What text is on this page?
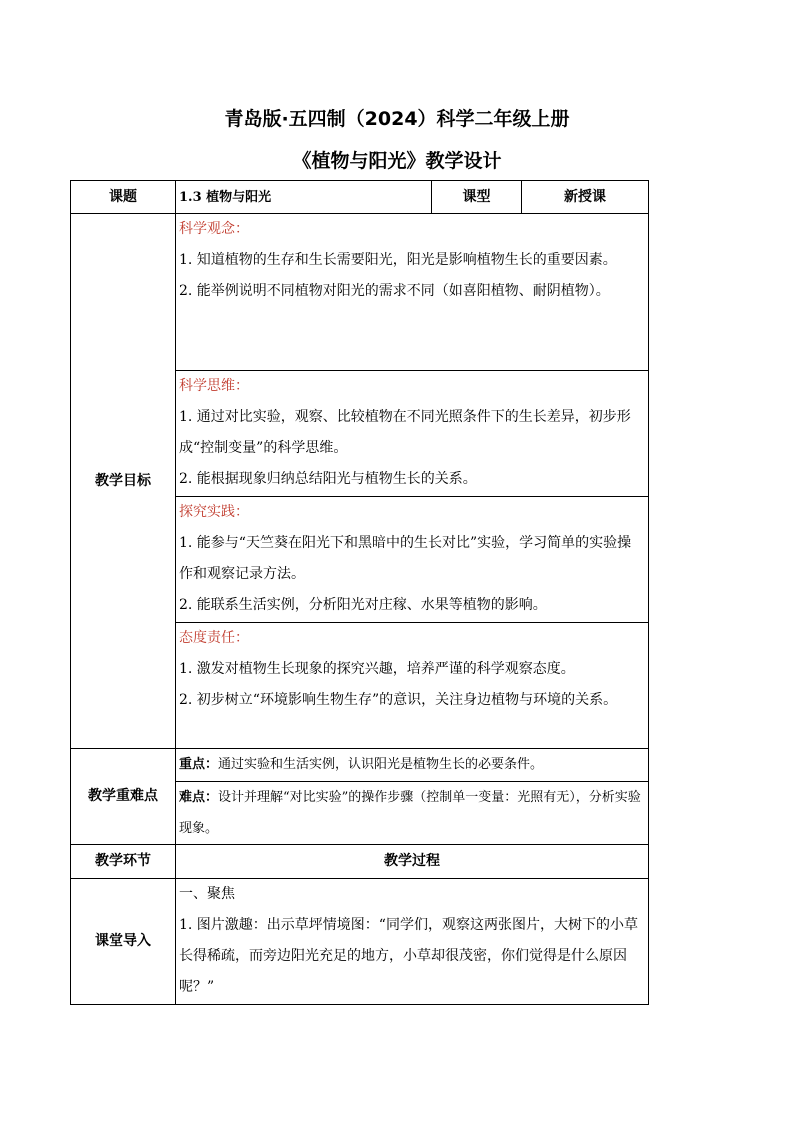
青岛版·五四制（2024）科学二年级上册
《植物与阳光》教学设计
课题	1.3 植物与阳光	课型	新授课
教学目标	科学观念：

1. 知道植物的生存和生长需要阳光，阳光是影响植物生长的重要因素。

2. 能举例说明不同植物对阳光的需求不同（如喜阳植物、耐阴植物）。		

	科学思维：

1. 通过对比实验，观察、比较植物在不同光照条件下的生长差异，初步形成“控制变量”的科学思维。

2. 能根据现象归纳总结阳光与植物生长的关系。		

	探究实践：

1. 能参与“天竺葵在阳光下和黑暗中的生长对比”实验，学习简单的实验操作和观察记录方法。

2. 能联系生活实例，分析阳光对庄稼、水果等植物的影响。		

	态度责任：

1. 激发对植物生长现象的探究兴趣，培养严谨的科学观察态度。

2. 初步树立“环境影响生物生存”的意识，关注身边植物与环境的关系。		

教学重难点	重点：通过实验和生活实例，认识阳光是植物生长的必要条件。		
	难点：设计并理解“对比实验”的操作步骤（控制单一变量：光照有无），分析实验现象。		
教学环节	教学过程		
课堂导入	一、聚焦

1. 图片激趣：出示草坪情境图：“同学们，观察这两张图片，大树下的小草长得稀疏，而旁边阳光充足的地方，小草却很茂密，你们觉得是什么原因呢？”		
